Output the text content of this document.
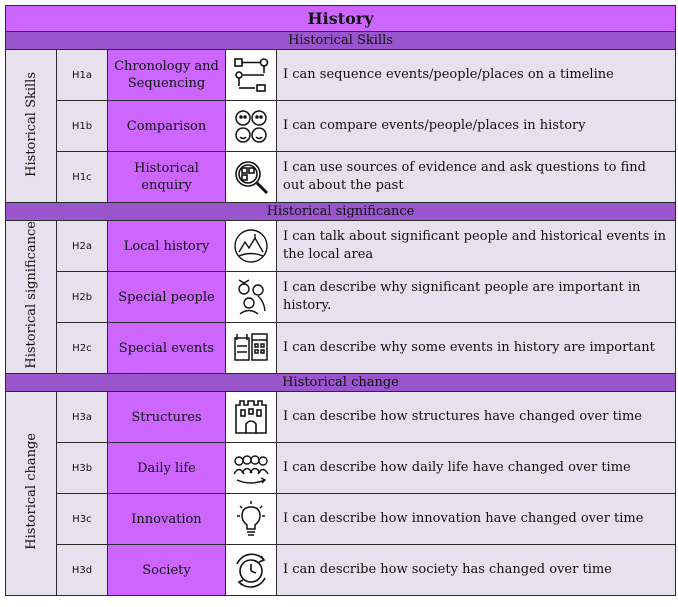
History				
Historical Skills				
Historical Skills	H1a	Chronology and Sequencing		I can sequence events/people/places on a timeline
	H1b	Comparison		I can compare events/people/places in history
	H1c	Historical enquiry		I can use sources of evidence and ask questions to find out about the past
Historical significance				
Historical significance	H2a	Local history		I can talk about significant people and historical events in the local area
	H2b	Special people		I can describe why significant people are important in history.
	H2c	Special events		I can describe why some events in history are important
Historical change				
Historical change	H3a	Structures		I can describe how structures have changed over time
	H3b	Daily life		I can describe how daily life have changed over time
	H3c	Innovation		I can describe how innovation have changed over time
	H3d	Society		I can describe how society has changed over time
